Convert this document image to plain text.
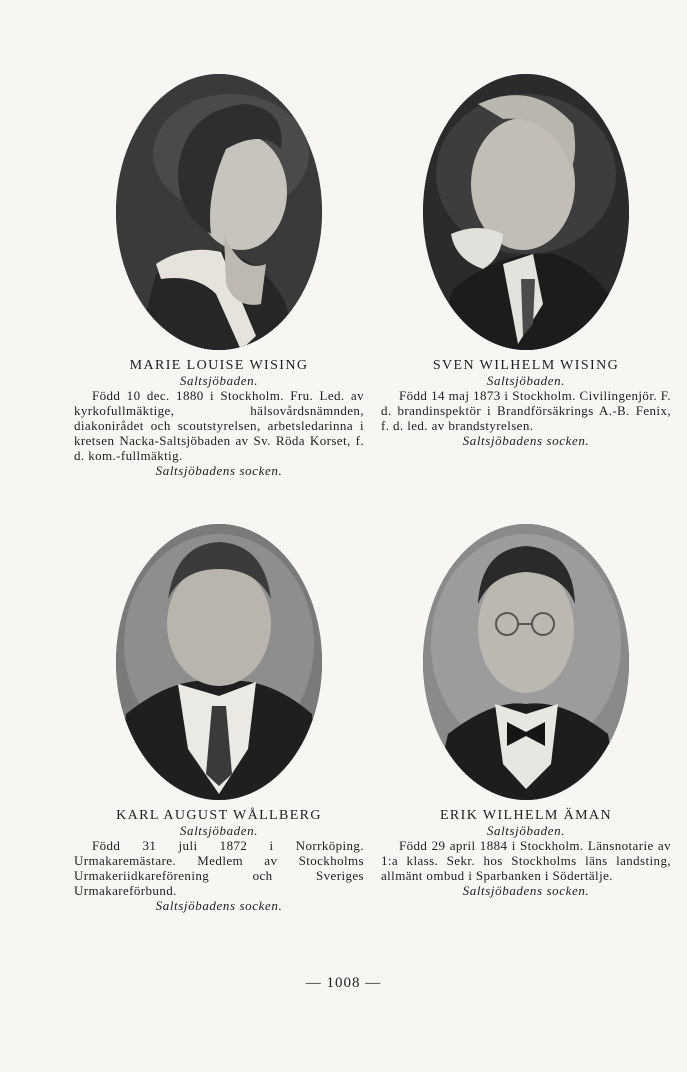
MARIE LOUISE WISING
Saltsjöbaden.

Född 10 dec. 1880 i Stockholm. Fru. Led. av kyrkofullmäktige, hälsovårdsnämnden, diakonirådet och scoutstyrelsen, arbetsledarinna i kretsen Nacka-Saltsjöbaden av Sv. Röda Korset, f. d. kom.-fullmäktig.

Saltsjöbadens socken.
SVEN WILHELM WISING
Saltsjöbaden.

Född 14 maj 1873 i Stockholm. Civilingenjör. F. d. brandinspektör i Brandförsäkrings A.-B. Fenix, f. d. led. av brandstyrelsen.

Saltsjöbadens socken.
KARL AUGUST WÅLLBERG
Saltsjöbaden.

Född 31 juli 1872 i Norrköping. Urmakaremästare. Medlem av Stockholms Urmakeriidkareförening och Sveriges Urmakareförbund.

Saltsjöbadens socken.
ERIK WILHELM ÄMAN
Saltsjöbaden.

Född 29 april 1884 i Stockholm. Länsnotarie av 1:a klass. Sekr. hos Stockholms läns landsting, allmänt ombud i Sparbanken i Södertälje.

Saltsjöbadens socken.
— 1008 —
